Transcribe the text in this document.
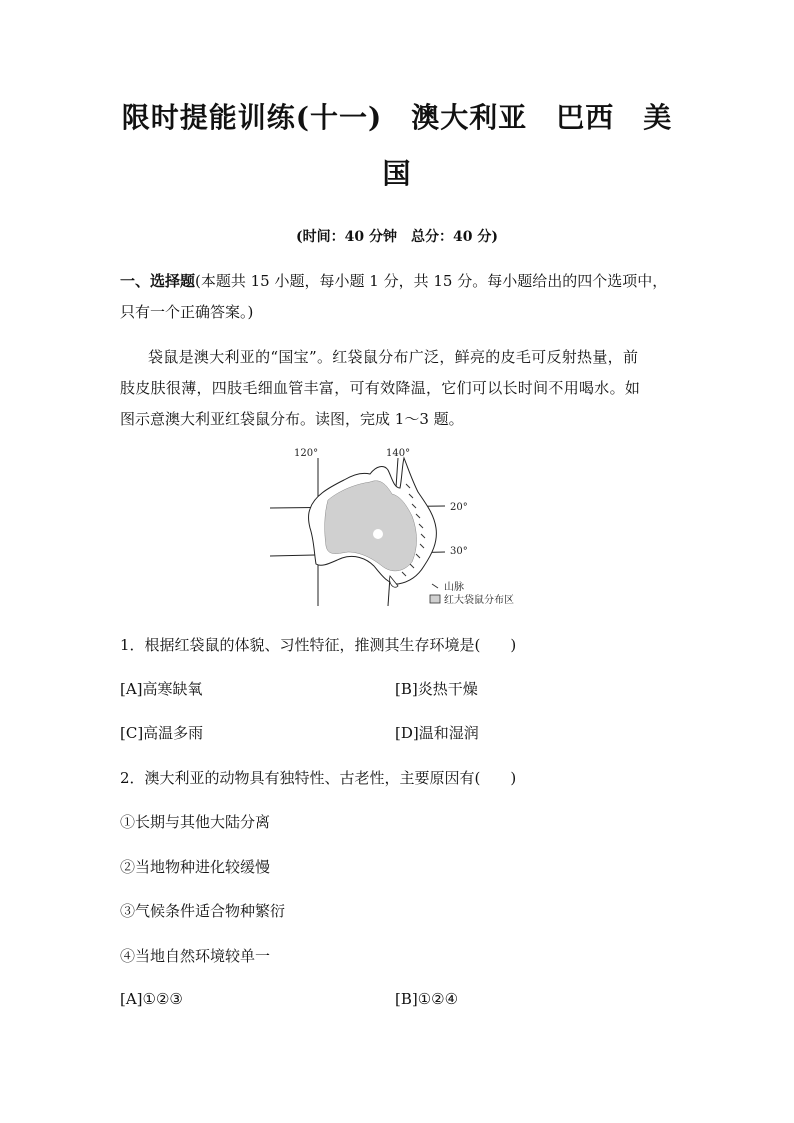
限时提能训练(十一)　澳大利亚　巴西　美
国
(时间：40 分钟　总分：40 分)
一、选择题(本题共 15 小题，每小题 1 分，共 15 分。每小题给出的四个选项中，
只有一个正确答案。)
袋鼠是澳大利亚的“国宝”。红袋鼠分布广泛，鲜亮的皮毛可反射热量，前
肢皮肤很薄，四肢毛细血管丰富，可有效降温，它们可以长时间不用喝水。如
图示意澳大利亚红袋鼠分布。读图，完成 1～3 题。
120°	140°
20°
30°
山脉
红大袋鼠分布区
1．根据红袋鼠的体貌、习性特征，推测其生存环境是(　　)
[A]高寒缺氧	[B]炎热干燥
[C]高温多雨	[D]温和湿润
2．澳大利亚的动物具有独特性、古老性，主要原因有(　　)
①长期与其他大陆分离
②当地物种进化较缓慢
③气候条件适合物种繁衍
④当地自然环境较单一
[A]①②③	[B]①②④
